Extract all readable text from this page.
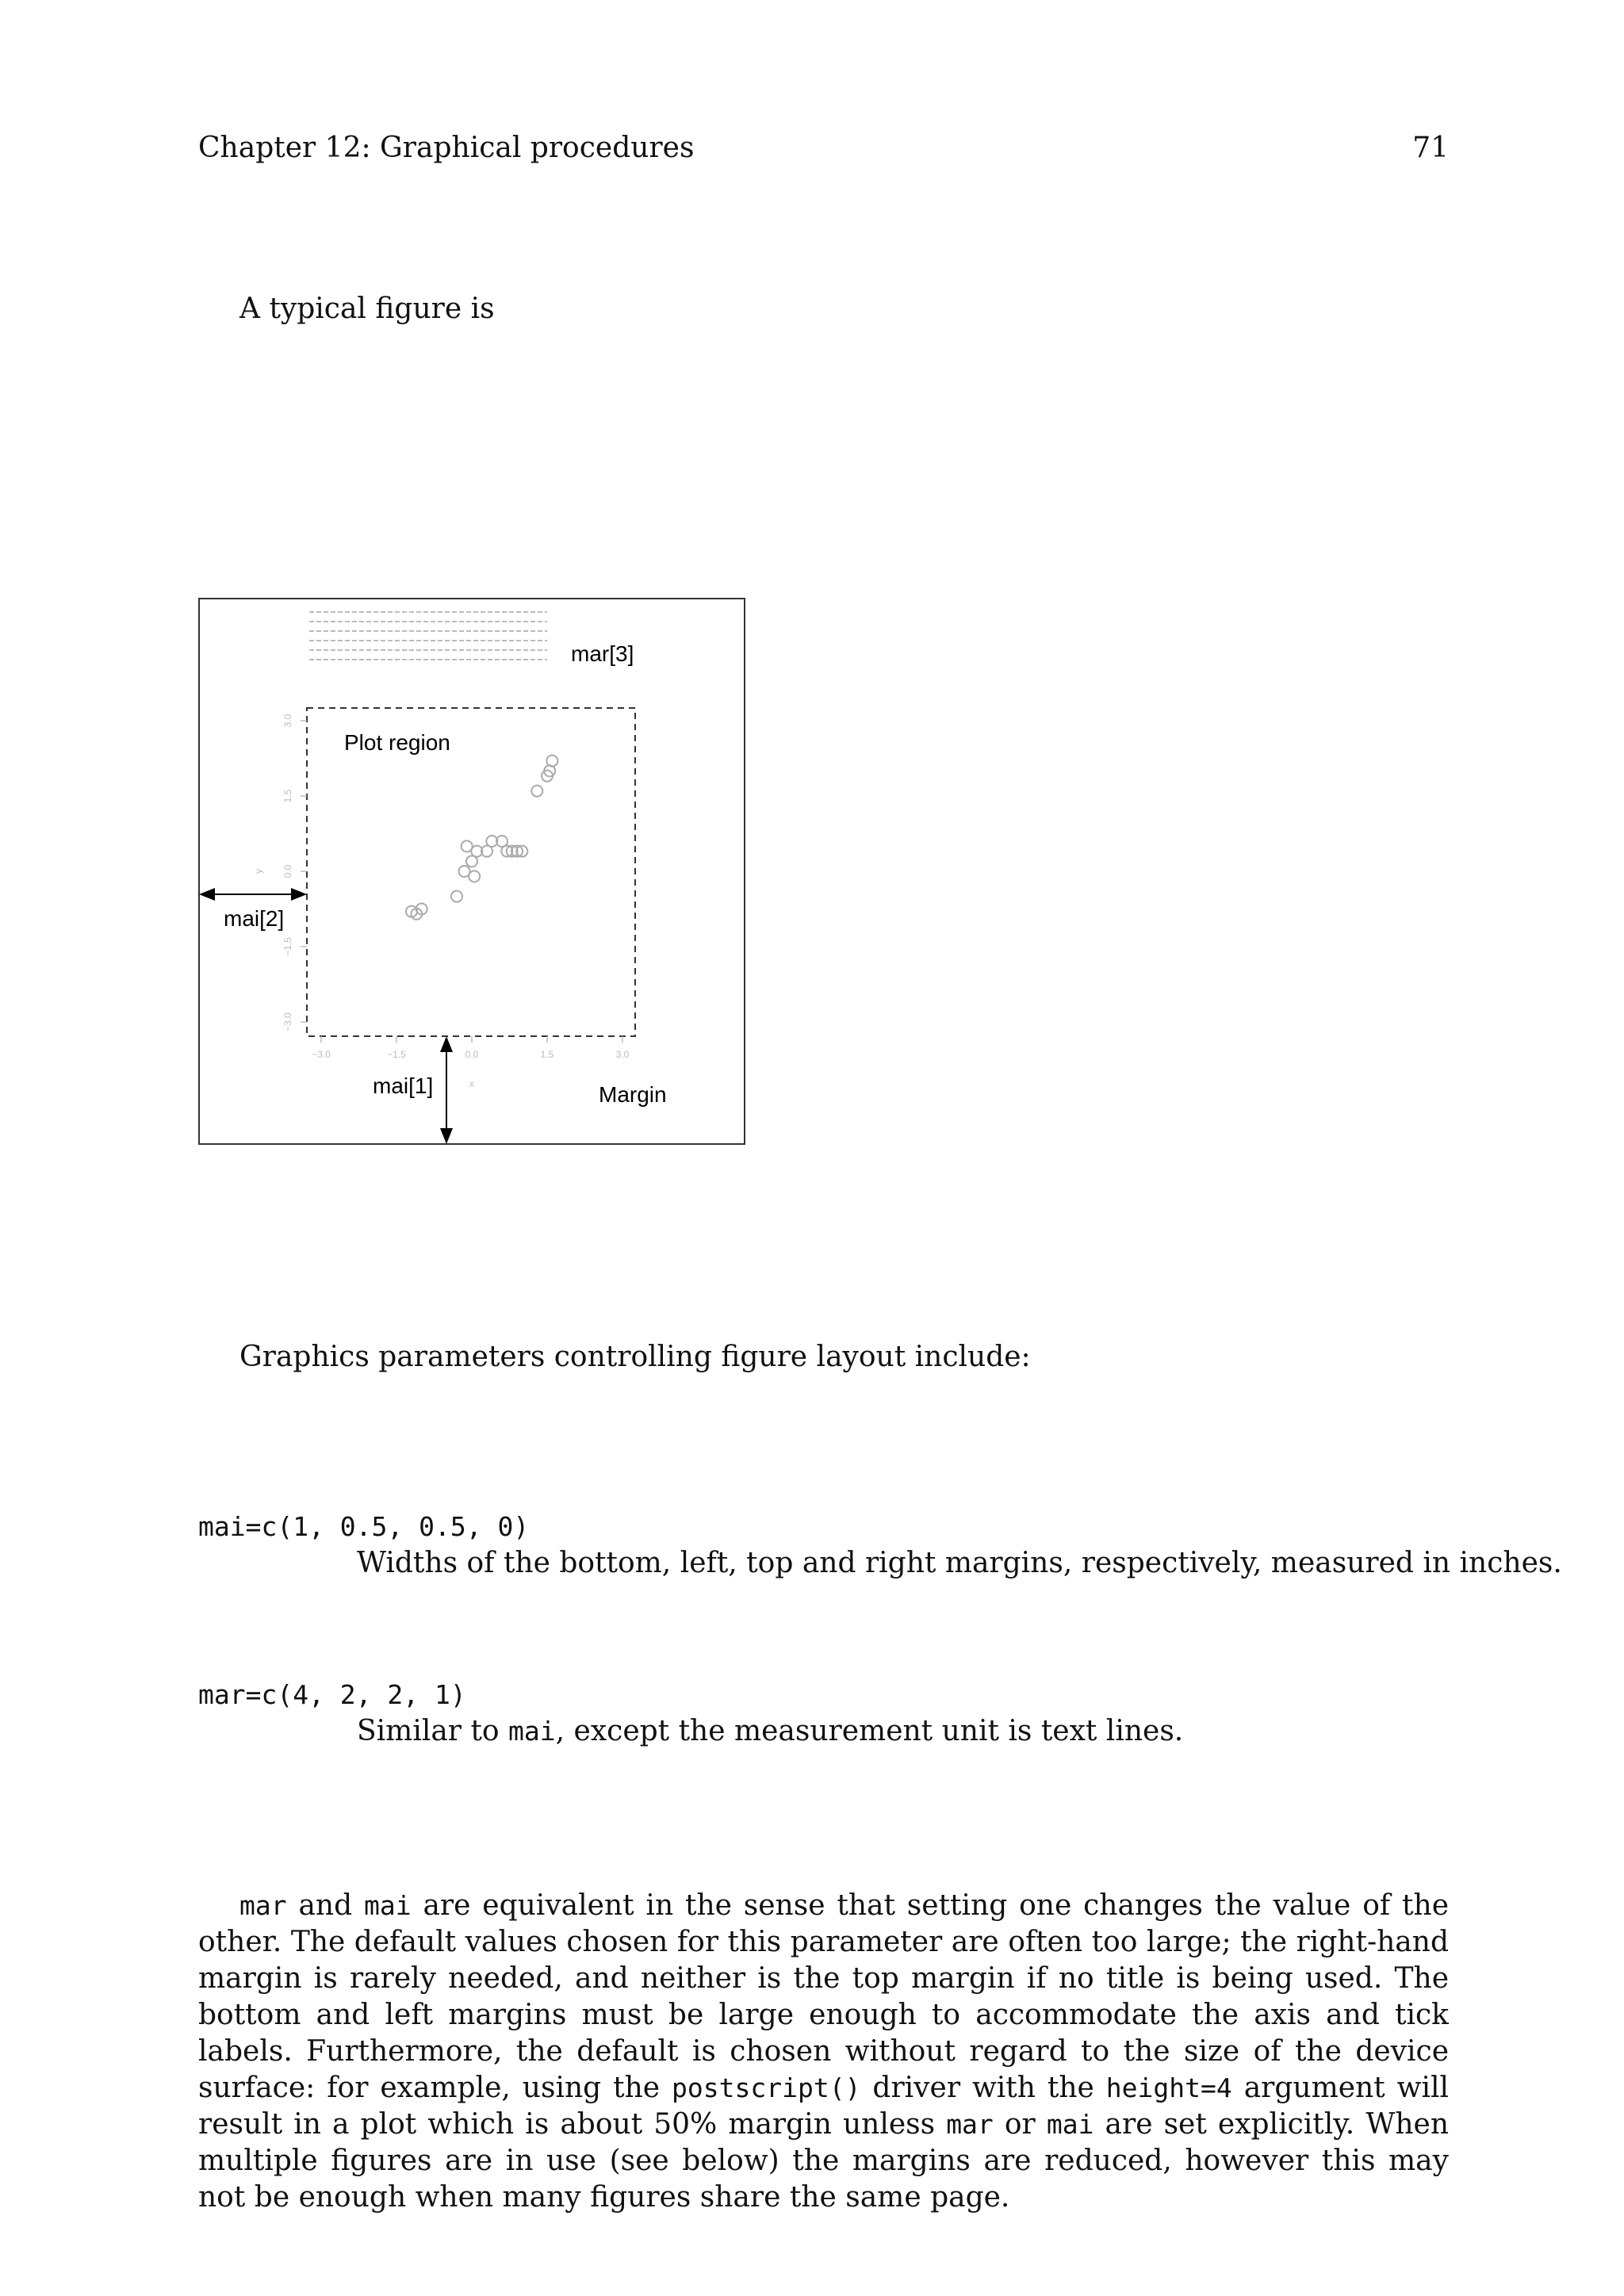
Chapter 12: Graphical procedures	71
A typical figure is
−3.0	−1.5	0.0	1.5	3.0
x
−3.0
−1.5
0.0
1.5
3.0
y
mar[3]
Plot region
mai[2]
mai[1]	Margin
Graphics parameters controlling figure layout include:
mai=c(1, 0.5, 0.5, 0)
Widths of the bottom, left, top and right margins, respectively, measured in inches.
mar=c(4, 2, 2, 1)
Similar to mai, except the measurement unit is text lines.
mar and mai are equivalent in the sense that setting one changes the value of the other. The default values chosen for this parameter are often too large; the right-hand margin is rarely needed, and neither is the top margin if no title is being used. The bottom and left margins must be large enough to accommodate the axis and tick labels. Furthermore, the default is chosen without regard to the size of the device surface: for example, using the postscript() driver with the height=4 argument will result in a plot which is about 50% margin unless mar or mai are set explicitly. When multiple figures are in use (see below) the margins are reduced, however this may not be enough when many figures share the same page.
